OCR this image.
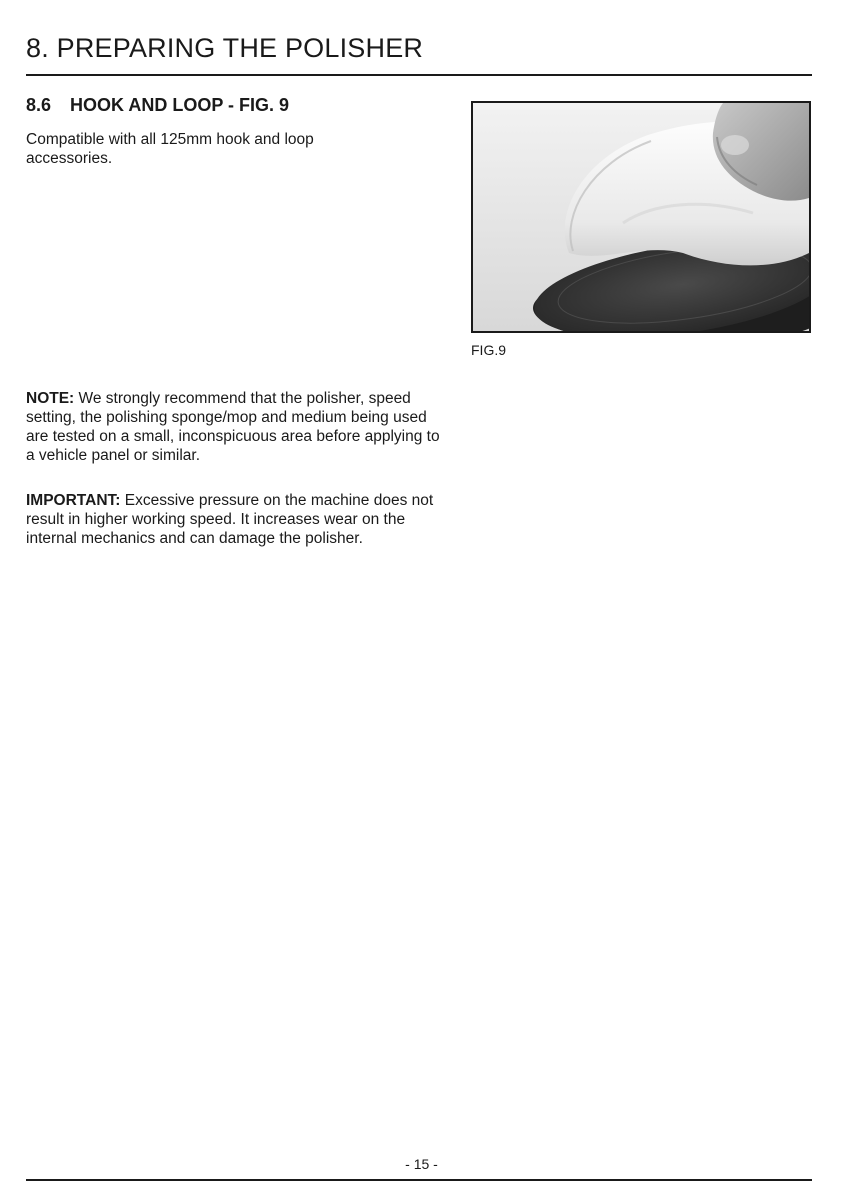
8. PREPARING THE POLISHER
8.6 HOOK AND LOOP - FIG. 9

Compatible with all 125mm hook and loop accessories.

FIG.9

NOTE: We strongly recommend that the polisher, speed setting, the polishing sponge/mop and medium being used are tested on a small, inconspicuous area before applying to a vehicle panel or similar.

IMPORTANT: Excessive pressure on the machine does not result in higher working speed. It increases wear on the internal mechanics and can damage the polisher.

- 15 -
